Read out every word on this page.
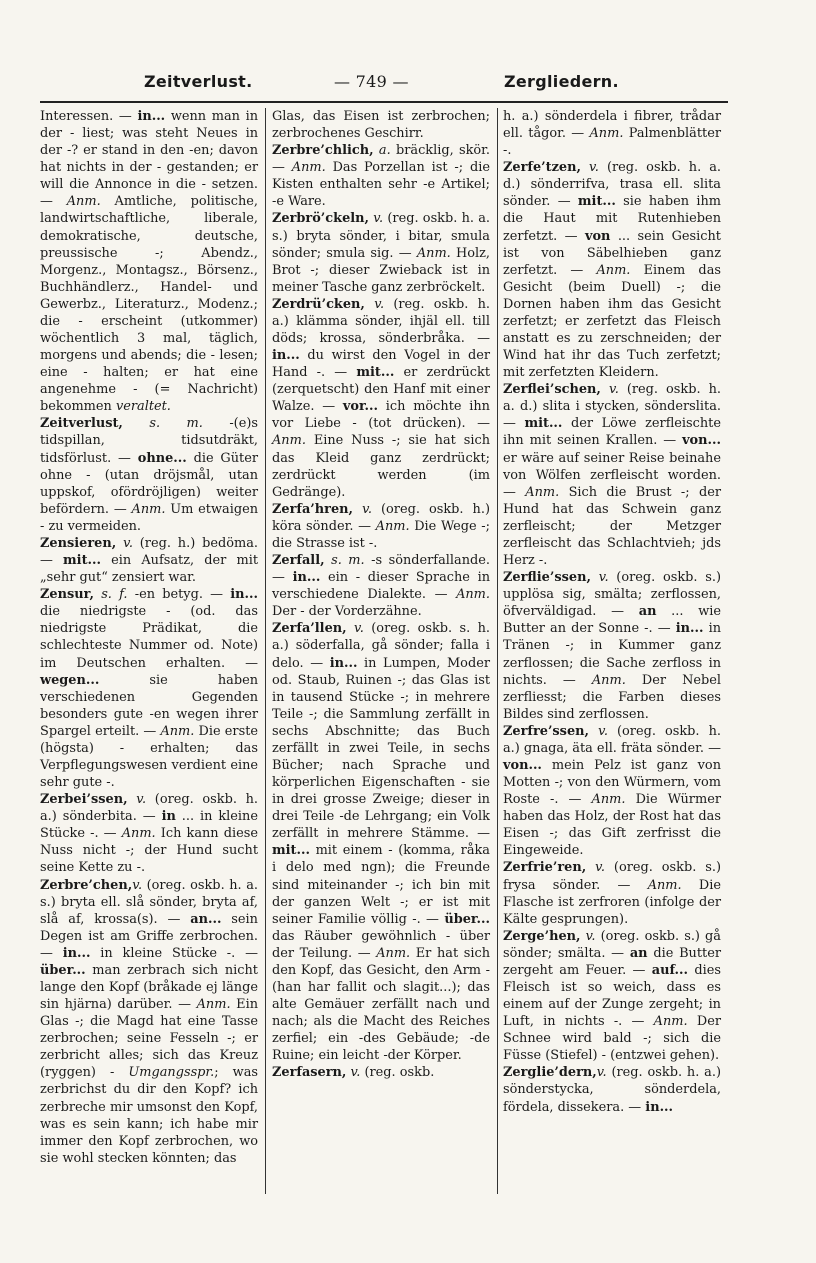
Zeitverlust.	— 749 —	Zergliedern.

Interessen. — in... wenn man in der - liest; was steht Neues in der -? er stand in den -en; davon hat nichts in der - gestanden; er will die Annonce in die - setzen. — Anm. Amtliche, politische, landwirtschaftliche, liberale, demokratische, deutsche, preussische -; Abendz., Morgenz., Montagsz., Börsenz., Buchhändlerz., Handel- und Gewerbz., Literaturz., Modenz.; die - erscheint (utkommer) wöchentlich 3 mal, täglich, morgens und abends; die - lesen; eine - halten; er hat eine angenehme - (= Nachricht) bekommen veraltet.

Zeitverlust, s. m. -(e)s tidspillan, tidsutdräkt, tidsförlust. — ohne... die Güter ohne - (utan dröjsmål, utan uppskof, ofördröjligen) weiter befördern. — Anm. Um etwaigen - zu vermeiden.

Zensieren, v. (reg. h.) bedöma. — mit... ein Aufsatz, der mit „sehr gut“ zensiert war.

Zensur, s. f. -en betyg. — in... die niedrigste - (od. das niedrigste Prädikat, die schlechteste Nummer od. Note) im Deutschen erhalten. — wegen... sie haben verschiedenen Gegenden besonders gute -en wegen ihrer Spargel erteilt. — Anm. Die erste (högsta) - erhalten; das Verpflegungswesen verdient eine sehr gute -.

Zerbei’ssen, v. (oreg. oskb. h. a.) sönderbita. — in ... in kleine Stücke -. — Anm. Ich kann diese Nuss nicht -; der Hund sucht seine Kette zu -.

Zerbre’chen,v. (oreg. oskb. h. a. s.) bryta ell. slå sönder, bryta af, slå af, krossa(s). — an... sein Degen ist am Griffe zerbrochen. — in... in kleine Stücke -. — über... man zerbrach sich nicht lange den Kopf (bråkade ej länge sin hjärna) darüber. — Anm. Ein Glas -; die Magd hat eine Tasse zerbrochen; seine Fesseln -; er zerbricht alles; sich das Kreuz (ryggen) - Umgangsspr.; was zerbrichst du dir den Kopf? ich zerbreche mir umsonst den Kopf, was es sein kann; ich habe mir immer den Kopf zerbrochen, wo sie wohl stecken könnten; das

Glas, das Eisen ist zerbrochen; zerbrochenes Geschirr.

Zerbre’chlich, a. bräcklig, skör. — Anm. Das Porzellan ist -; die Kisten enthalten sehr -e Artikel; -e Ware.

Zerbrö’ckeln, v. (reg. oskb. h. a. s.) bryta sönder, i bitar, smula sönder; smula sig. — Anm. Holz, Brot -; dieser Zwieback ist in meiner Tasche ganz zerbröckelt.

Zerdrü’cken, v. (reg. oskb. h. a.) klämma sönder, ihjäl ell. till döds; krossa, sönderbråka. — in... du wirst den Vogel in der Hand -. — mit... er zerdrückt (zerquetscht) den Hanf mit einer Walze. — vor... ich möchte ihn vor Liebe - (tot drücken). — Anm. Eine Nuss -; sie hat sich das Kleid ganz zerdrückt; zerdrückt werden (im Gedränge).

Zerfa’hren, v. (oreg. oskb. h.) köra sönder. — Anm. Die Wege -; die Strasse ist -.

Zerfall, s. m. -s sönderfallande. — in... ein - dieser Sprache in verschiedene Dialekte. — Anm. Der - der Vorderzähne.

Zerfa’llen, v. (oreg. oskb. s. h. a.) söderfalla, gå sönder; falla i delo. — in... in Lumpen, Moder od. Staub, Ruinen -; das Glas ist in tausend Stücke -; in mehrere Teile -; die Sammlung zerfällt in sechs Abschnitte; das Buch zerfällt in zwei Teile, in sechs Bücher; nach Sprache und körperlichen Eigenschaften - sie in drei grosse Zweige; dieser in drei Teile -de Lehrgang; ein Volk zerfällt in mehrere Stämme. — mit... mit einem - (komma, råka i delo med ngn); die Freunde sind miteinander -; ich bin mit der ganzen Welt -; er ist mit seiner Familie völlig -. — über... das Räuber gewöhnlich - über der Teilung. — Anm. Er hat sich den Kopf, das Gesicht, den Arm - (han har fallit och slagit...); das alte Gemäuer zerfällt nach und nach; als die Macht des Reiches zerfiel; ein -des Gebäude; -de Ruine; ein leicht -der Körper.

Zerfasern, v. (reg. oskb.

h. a.) sönderdela i fibrer, trådar ell. tågor. — Anm. Palmenblätter -.

Zerfe’tzen, v. (reg. oskb. h. a. d.) sönderrifva, trasa ell. slita sönder. — mit... sie haben ihm die Haut mit Rutenhieben zerfetzt. — von ... sein Gesicht ist von Säbelhieben ganz zerfetzt. — Anm. Einem das Gesicht (beim Duell) -; die Dornen haben ihm das Gesicht zerfetzt; er zerfetzt das Fleisch anstatt es zu zerschneiden; der Wind hat ihr das Tuch zerfetzt; mit zerfetzten Kleidern.

Zerflei’schen, v. (reg. oskb. h. a. d.) slita i stycken, sönderslita. — mit... der Löwe zerfleischte ihn mit seinen Krallen. — von... er wäre auf seiner Reise beinahe von Wölfen zerfleischt worden. — Anm. Sich die Brust -; der Hund hat das Schwein ganz zerfleischt; der Metzger zerfleischt das Schlachtvieh; jds Herz -.

Zerflie’ssen, v. (oreg. oskb. s.) upplösa sig, smälta; zerflossen, öfverväldigad. — an ... wie Butter an der Sonne -. — in... in Tränen -; in Kummer ganz zerflossen; die Sache zerfloss in nichts. — Anm. Der Nebel zerfliesst; die Farben dieses Bildes sind zerflossen.

Zerfre’ssen, v. (oreg. oskb. h. a.) gnaga, äta ell. fräta sönder. — von... mein Pelz ist ganz von Motten -; von den Würmern, vom Roste -. — Anm. Die Würmer haben das Holz, der Rost hat das Eisen -; das Gift zerfrisst die Eingeweide.

Zerfrie’ren, v. (oreg. oskb. s.) frysa sönder. — Anm. Die Flasche ist zerfroren (infolge der Kälte gesprungen).

Zerge’hen, v. (oreg. oskb. s.) gå sönder; smälta. — an die Butter zergeht am Feuer. — auf... dies Fleisch ist so weich, dass es einem auf der Zunge zergeht; in Luft, in nichts -. — Anm. Der Schnee wird bald -; sich die Füsse (Stiefel) - (entzwei gehen).

Zerglie’dern,v. (reg. oskb. h. a.) sönderstycka, sönderdela, fördela, dissekera. — in...
